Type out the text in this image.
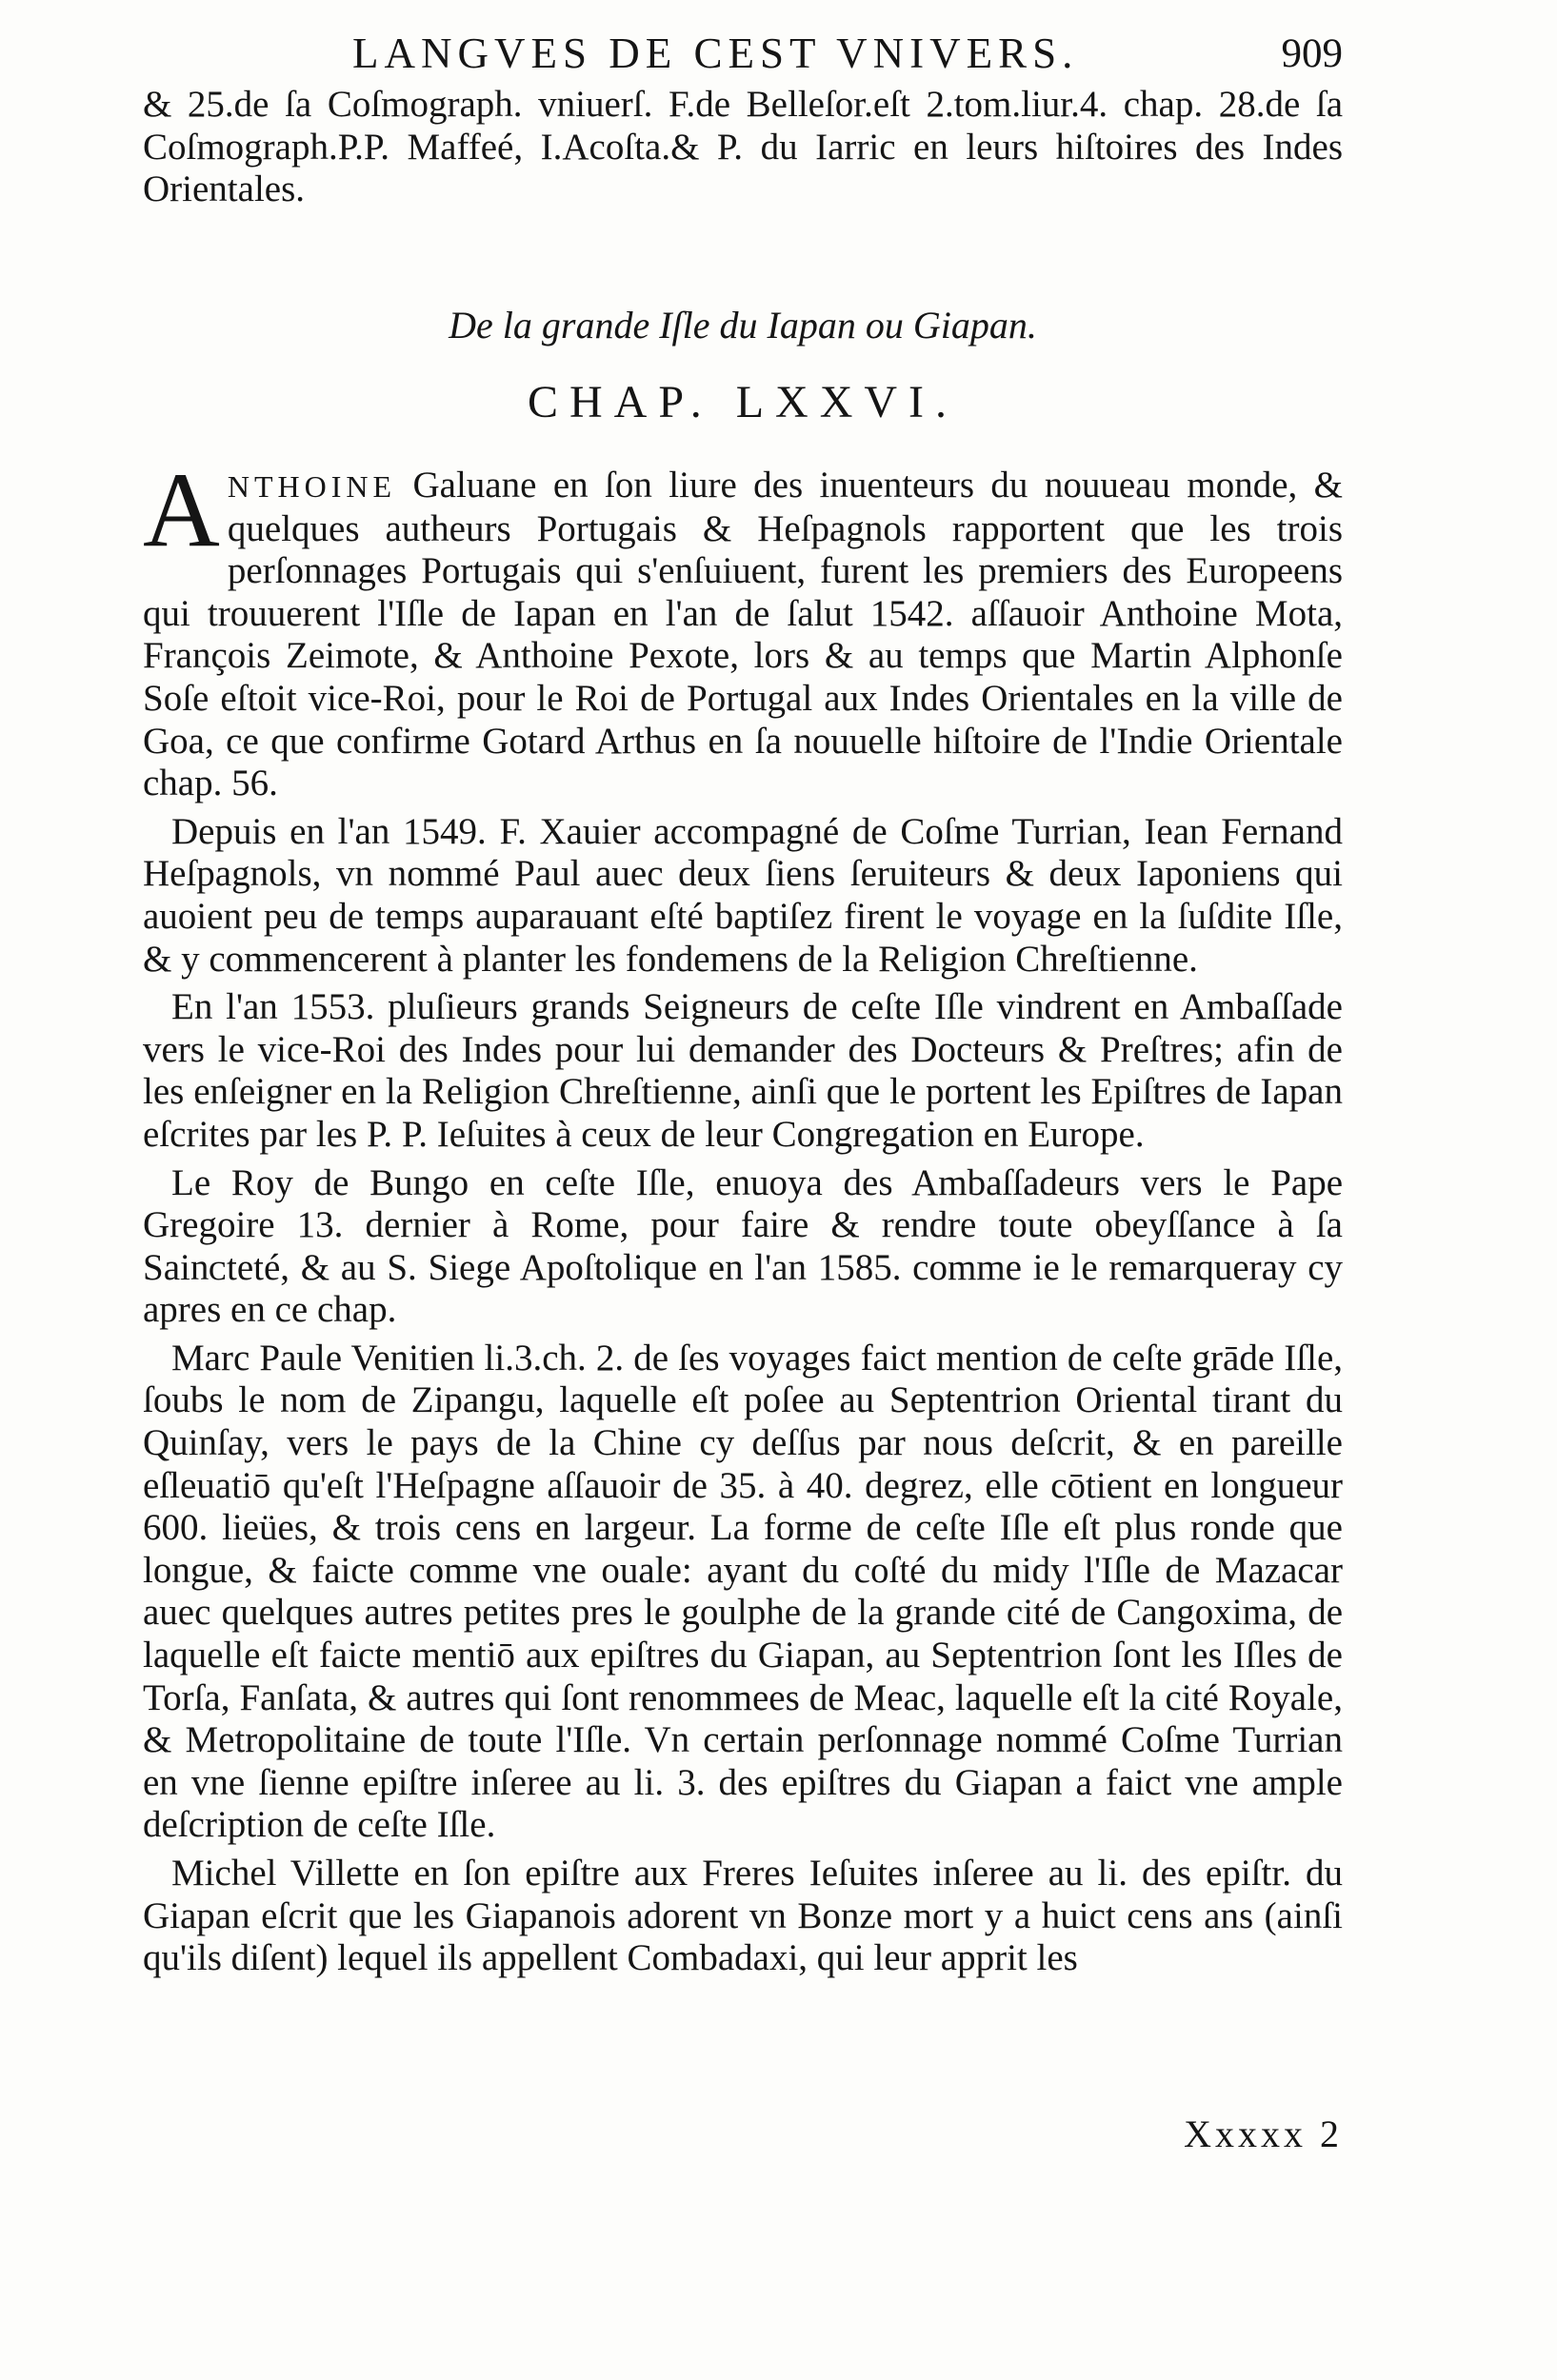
LANGVES DE CEST VNIVERS.	909
& 25.de ſa Coſmograph. vniuerſ. F.de Belleſor.eſt 2.tom.liur.4. chap. 28.de ſa Coſmograph.P.P. Maffeé, I.Acoſta.& P. du Iarric en leurs hiſtoires des Indes Orientales.
De la grande Iſle du Iapan ou Giapan.
CHAP. LXXVI.

ANTHOINE Galuane en ſon liure des inuenteurs du nouueau monde, & quelques autheurs Portugais & Heſpagnols rapportent que les trois perſonnages Portugais qui s'enſuiuent, furent les premiers des Europeens qui trouuerent l'Iſle de Iapan en l'an de ſalut 1542. aſſauoir Anthoine Mota, François Zeimote, & Anthoine Pexote, lors & au temps que Martin Alphonſe Soſe eſtoit vice-Roi, pour le Roi de Portugal aux Indes Orientales en la ville de Goa, ce que confirme Gotard Arthus en ſa nouuelle hiſtoire de l'Indie Orientale chap. 56.

Depuis en l'an 1549. F. Xauier accompagné de Coſme Turrian, Iean Fernand Heſpagnols, vn nommé Paul auec deux ſiens ſeruiteurs & deux Iaponiens qui auoient peu de temps auparauant eſté baptiſez firent le voyage en la ſuſdite Iſle, & y commencerent à planter les fondemens de la Religion Chreſtienne.

En l'an 1553. pluſieurs grands Seigneurs de ceſte Iſle vindrent en Ambaſſade vers le vice-Roi des Indes pour lui demander des Docteurs & Preſtres; afin de les enſeigner en la Religion Chreſtienne, ainſi que le portent les Epiſtres de Iapan eſcrites par les P. P. Ieſuites à ceux de leur Congregation en Europe.

Le Roy de Bungo en ceſte Iſle, enuoya des Ambaſſadeurs vers le Pape Gregoire 13. dernier à Rome, pour faire & rendre toute obeyſſance à ſa Sainᴄteté, & au S. Siege Apoſtolique en l'an 1585. comme ie le remarqueray cy apres en ce chap.

Marc Paule Venitien li.3.ch. 2. de ſes voyages faict mention de ceſte grāde Iſle, ſoubs le nom de Zipangu, laquelle eſt poſee au Septentrion Oriental tirant du Quinſay, vers le pays de la Chine cy deſſus par nous deſcrit, & en pareille eſleuatiō qu'eſt l'Heſpagne aſſauoir de 35. à 40. degrez, elle cōtient en longueur 600. lieües, & trois cens en largeur. La forme de ceſte Iſle eſt plus ronde que longue, & faicte comme vne ouale: ayant du coſté du midy l'Iſle de Mazacar auec quelques autres petites pres le goulphe de la grande cité de Cangoxima, de laquelle eſt faicte mentiō aux epiſtres du Giapan, au Septentrion ſont les Iſles de Torſa, Fanſata, & autres qui ſont renommees de Meac, laquelle eſt la cité Royale, & Metropolitaine de toute l'Iſle. Vn certain perſonnage nommé Coſme Turrian en vne ſienne epiſtre inſeree au li. 3. des epiſtres du Giapan a faict vne ample deſcription de ceſte Iſle.

Michel Villette en ſon epiſtre aux Freres Ieſuites inſeree au li. des epiſtr. du Giapan eſcrit que les Giapanois adorent vn Bonze mort y a huict cens ans (ainſi qu'ils diſent) lequel ils appellent Combadaxi, qui leur apprit les

Xxxxx 2
